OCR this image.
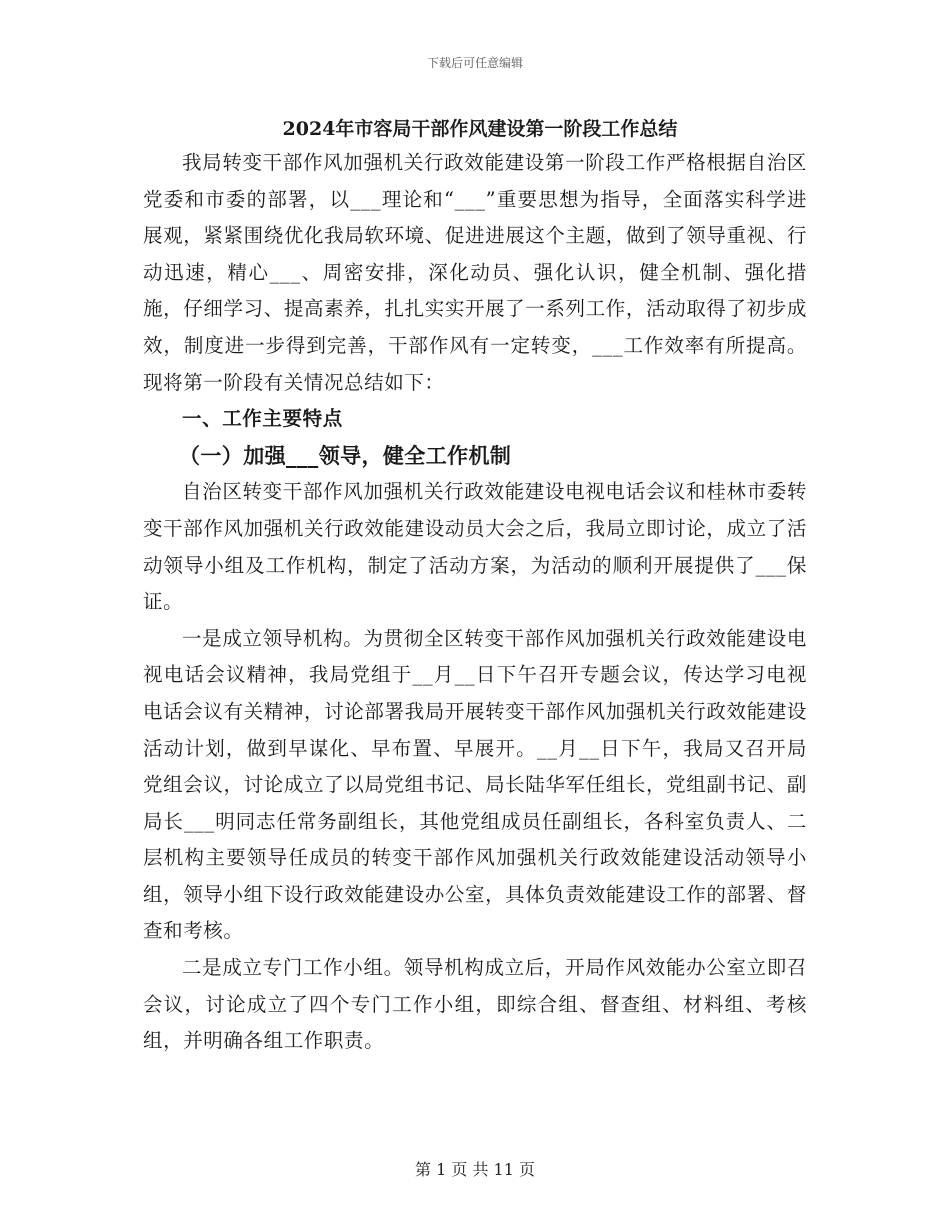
下载后可任意编辑
2024年市容局干部作风建设第一阶段工作总结

我局转变干部作风加强机关行政效能建设第一阶段工作严格根据自治区党委和市委的部署，以___理论和“___”重要思想为指导，全面落实科学进展观，紧紧围绕优化我局软环境、促进进展这个主题，做到了领导重视、行动迅速，精心___、周密安排，深化动员、强化认识，健全机制、强化措施，仔细学习、提高素养，扎扎实实开展了一系列工作，活动取得了初步成效，制度进一步得到完善，干部作风有一定转变，___工作效率有所提高。现将第一阶段有关情况总结如下：

一、工作主要特点

（一）加强___领导，健全工作机制

自治区转变干部作风加强机关行政效能建设电视电话会议和桂林市委转变干部作风加强机关行政效能建设动员大会之后，我局立即讨论，成立了活动领导小组及工作机构，制定了活动方案，为活动的顺利开展提供了___保证。

一是成立领导机构。为贯彻全区转变干部作风加强机关行政效能建设电视电话会议精神，我局党组于__月__日下午召开专题会议，传达学习电视电话会议有关精神，讨论部署我局开展转变干部作风加强机关行政效能建设活动计划，做到早谋化、早布置、早展开。__月__日下午，我局又召开局党组会议，讨论成立了以局党组书记、局长陆华军任组长，党组副书记、副局长___明同志任常务副组长，其他党组成员任副组长，各科室负责人、二层机构主要领导任成员的转变干部作风加强机关行政效能建设活动领导小组，领导小组下设行政效能建设办公室，具体负责效能建设工作的部署、督查和考核。

二是成立专门工作小组。领导机构成立后，开局作风效能办公室立即召会议，讨论成立了四个专门工作小组，即综合组、督查组、材料组、考核组，并明确各组工作职责。

第 1 页 共 11 页
